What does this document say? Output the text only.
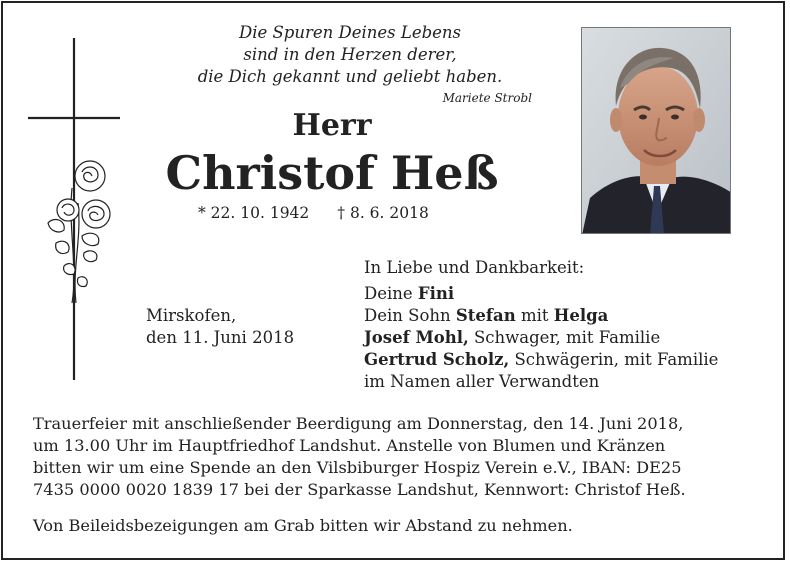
Die Spuren Deines Lebens
sind in den Herzen derer,
die Dich gekannt und geliebt haben.
Mariete Strobl
Herr
Christof Heß
* 22. 10. 1942 † 8. 6. 2018
Mirskofen,
den 11. Juni 2018
In Liebe und Dankbarkeit:
Deine Fini
Dein Sohn Stefan mit Helga
Josef Mohl, Schwager, mit Familie
Gertrud Scholz, Schwägerin, mit Familie
im Namen aller Verwandten
Trauerfeier mit anschließender Beerdigung am Donnerstag, den 14. Juni 2018,
um 13.00 Uhr im Hauptfriedhof Landshut. Anstelle von Blumen und Kränzen
bitten wir um eine Spende an den Vilsbiburger Hospiz Verein e.V., IBAN: DE25
7435 0000 0020 1839 17 bei der Sparkasse Landshut, Kennwort: Christof Heß.
Von Beileidsbezeigungen am Grab bitten wir Abstand zu nehmen.
